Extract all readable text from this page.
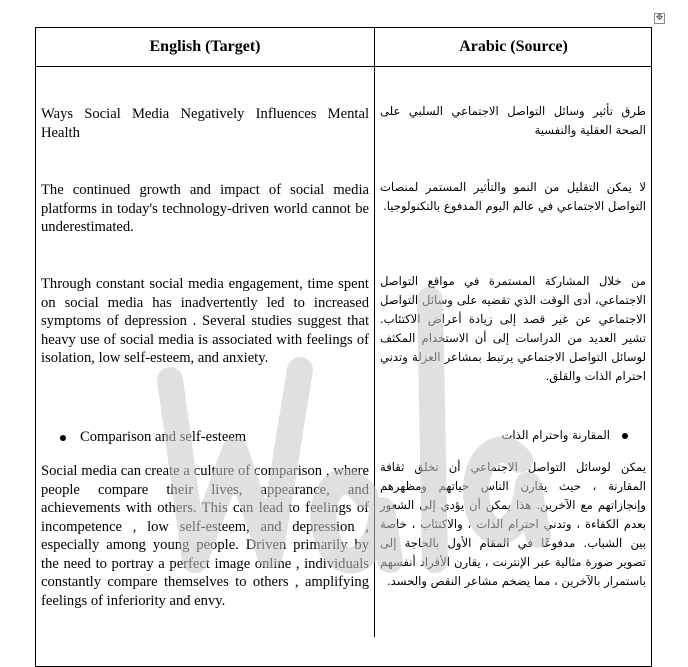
✥
English (Target)	Arabic (Source)
Ways Social Media Negatively Influences Mental Health
طرق تأثير وسائل التواصل الاجتماعي السلبي على الصحة العقلية والنفسية
The continued growth and impact of social media platforms in today's technology-driven world cannot be underestimated.
لا يمكن التقليل من النمو والتأثير المستمر لمنصات التواصل الاجتماعي في عالم اليوم المدفوع بالتكنولوجيا.
Through constant social media engagement, time spent on social media has inadvertently led to increased symptoms of depression . Several studies suggest that heavy use of social media is associated with feelings of isolation, low self-esteem, and anxiety.
من خلال المشاركة المستمرة في مواقع التواصل الاجتماعي، أدى الوقت الذي تقضيه على وسائل التواصل الاجتماعي عن غير قصد إلى زيادة أعراض الاكتئاب. تشير العديد من الدراسات إلى أن الاستخدام المكثف لوسائل التواصل الاجتماعي يرتبط بمشاعر العزلة وتدني احترام الذات والقلق.
Comparison and self-esteem	المقارنة واحترام الذات
Social media can create a culture of comparison , where people compare their lives, appearance, and achievements with others. This can lead to feelings of incompetence , low self-esteem, and depression , especially among young people. Driven primarily by the need to portray a perfect image online , individuals constantly compare themselves to others , amplifying feelings of inferiority and envy.
يمكن لوسائل التواصل الاجتماعي أن تخلق ثقافة المقارنة ، حيث يقارن الناس حياتهم ومظهرهم وإنجازاتهم مع الآخرين. هذا يمكن أن يؤدي إلى الشعور بعدم الكفاءة ، وتدني احترام الذات ، والاكتئاب ، خاصة بين الشباب. مدفوعًا في المقام الأول بالحاجة إلى تصوير صورة مثالية عبر الإنترنت ، يقارن الأفراد أنفسهم باستمرار بالآخرين ، مما يضخم مشاعر النقص والحسد.
